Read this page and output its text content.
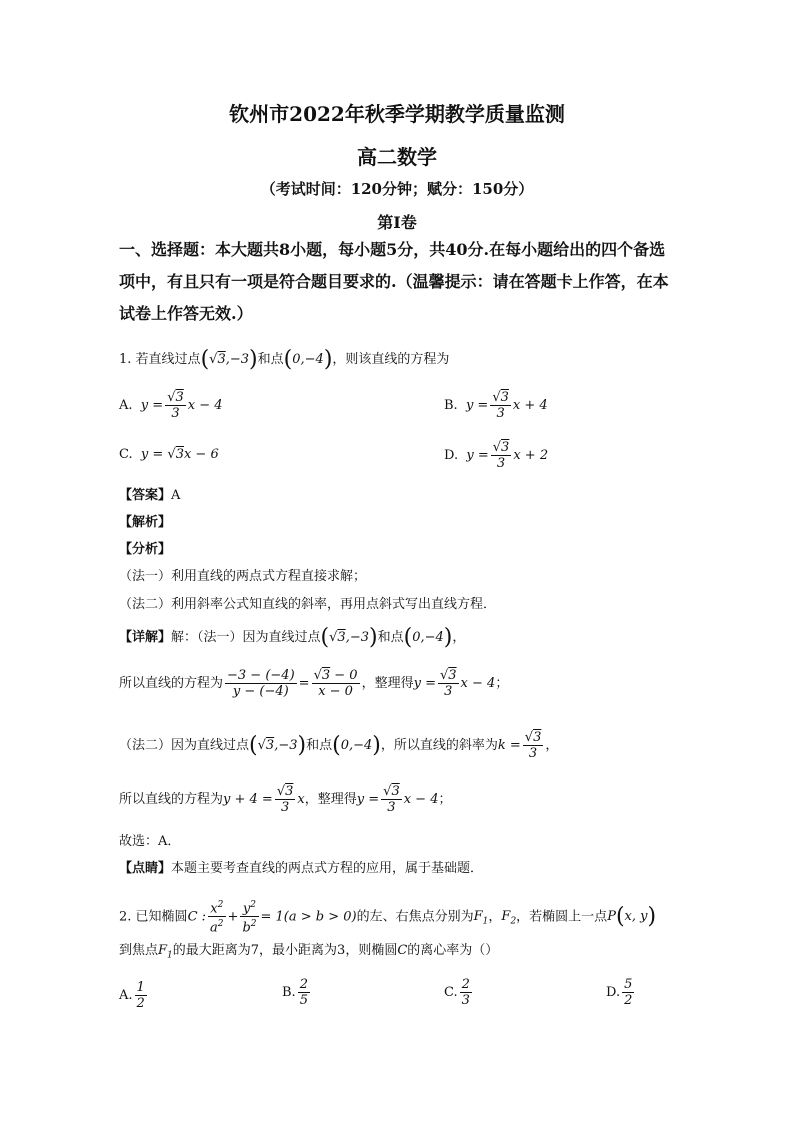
钦州市2022年秋季学期教学质量监测
高二数学
（考试时间：120分钟；赋分：150分）
第I卷
一、选择题：本大题共8小题，每小题5分，共40分.在每小题给出的四个备选项中，有且只有一项是符合题目要求的.（温馨提示：请在答题卡上作答，在本试卷上作答无效.）
1. 若直线过点(√3,−3)和点(0,−4)，则该直线的方程为
A.  $y = \frac{√3}{3}$ x − 4	B.  $y = \frac{√3}{3}$ x + 4
C.  y = √3x − 6	D.  $y = \frac{√3}{3}$ x + 2
【答案】A
【解析】
【分析】
（法一）利用直线的两点式方程直接求解；
（法二）利用斜率公式知直线的斜率，再用点斜式写出直线方程．
【详解】解：（法一）因为直线过点(√3,−3)和点(0,−4)，
所以直线的方程为 $\frac{-3 - (-4)}{y - (-4)} = \frac{√3 - 0}{x - 0}$ ，整理得$y = \frac{√3}{3}$ x − 4；
（法二）因为直线过点(√3,−3)和点(0,−4)，所以直线的斜率为$k = \frac{√3}{3}$ ，
所以直线的方程为$y + 4 = \frac{√3}{3}$ x，整理得$y = \frac{√3}{3}$ x − 4；
故选：A．
【点睛】本题主要考查直线的两点式方程的应用，属于基础题．
2. 已知椭圆C : $\frac{x^2}{a^2} + \frac{y^2}{b^2} = 1(a > b > 0)$的左、右焦点分别为$F_1$，$F_2$，若椭圆上一点P(x, y)
到焦点$F_1$的最大距离为7，最小距离为3，则椭圆C的离心率为（）
A. $\frac{1}{2}$	B. $\frac{2}{5}$	C. $\frac{2}{3}$	D. $\frac{5}{2}$
